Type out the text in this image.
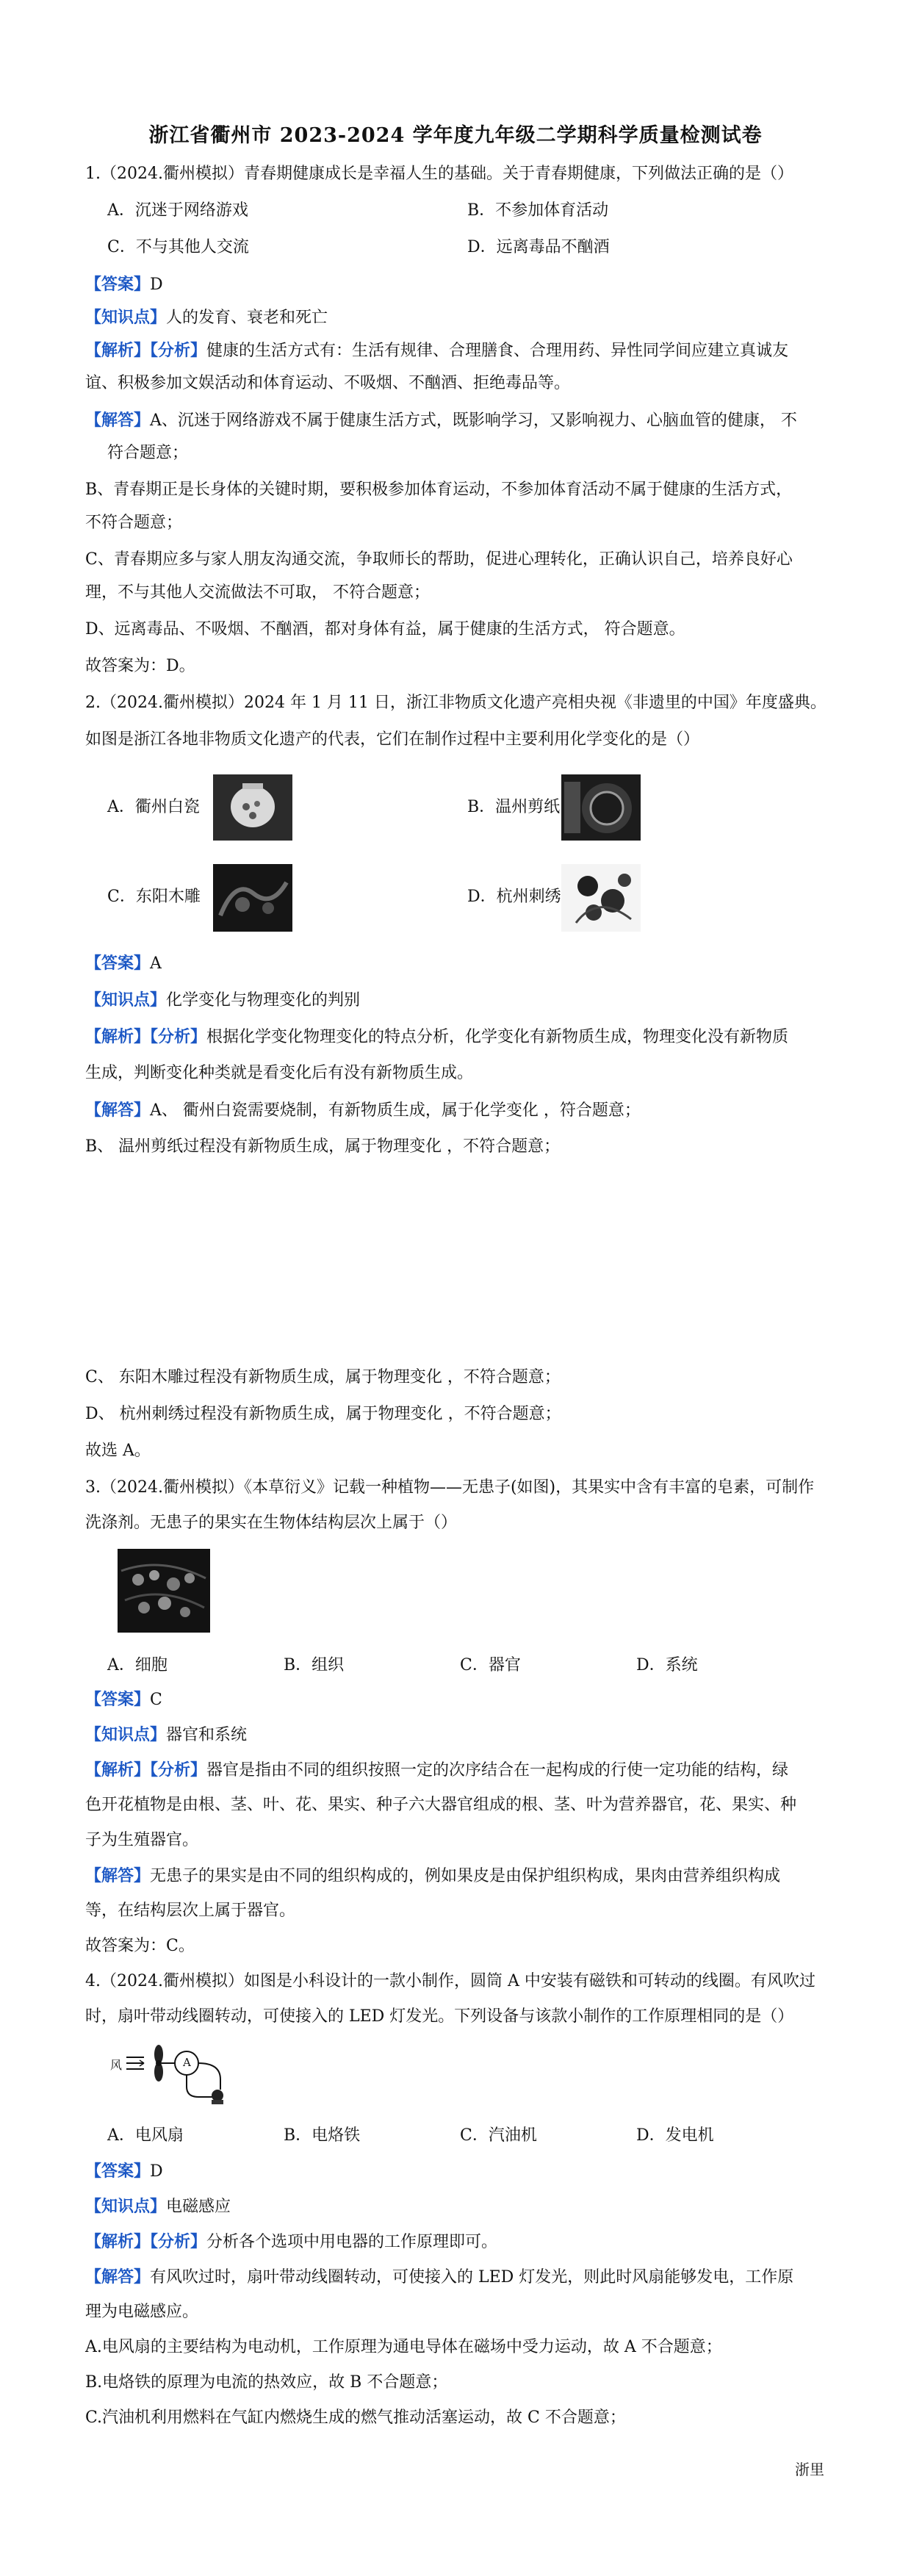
浙江省衢州市 2023-2024 学年度九年级二学期科学质量检测试卷
1.（2024.衢州模拟）青春期健康成长是幸福人生的基础。关于青春期健康，下列做法正确的是（）
A．沉迷于网络游戏	B．不参加体育活动
C．不与其他人交流	D．远离毒品不酗酒
【答案】D
【知识点】人的发育、衰老和死亡
【解析】【分析】健康的生活方式有：生活有规律、合理膳食、合理用药、异性同学间应建立真诚友
谊、积极参加文娱活动和体育运动、不吸烟、不酗酒、拒绝毒品等。
【解答】A、沉迷于网络游戏不属于健康生活方式，既影响学习，又影响视力、心脑血管的健康， 不
符合题意；
B、青春期正是长身体的关键时期，要积极参加体育运动，不参加体育活动不属于健康的生活方式，
不符合题意；
C、青春期应多与家人朋友沟通交流，争取师长的帮助，促进心理转化，正确认识自己，培养良好心
理，不与其他人交流做法不可取， 不符合题意；
D、远离毒品、不吸烟、不酗酒，都对身体有益，属于健康的生活方式， 符合题意。
故答案为：D。
2.（2024.衢州模拟）2024 年 1 月 11 日，浙江非物质文化遗产亮相央视《非遗里的中国》年度盛典。
如图是浙江各地非物质文化遗产的代表，它们在制作过程中主要利用化学变化的是（）
A．衢州白瓷	B．温州剪纸
C．东阳木雕	D．杭州刺绣
【答案】A
【知识点】化学变化与物理变化的判别
【解析】【分析】根据化学变化物理变化的特点分析，化学变化有新物质生成，物理变化没有新物质
生成，判断变化种类就是看变化后有没有新物质生成。
【解答】A、 衢州白瓷需要烧制，有新物质生成，属于化学变化 ，符合题意；
B、 温州剪纸过程没有新物质生成，属于物理变化 ，不符合题意；
C、 东阳木雕过程没有新物质生成，属于物理变化 ，不符合题意；
D、 杭州刺绣过程没有新物质生成，属于物理变化 ，不符合题意；
故选 A。
3.（2024.衢州模拟）《本草衍义》记载一种植物——无患子(如图)，其果实中含有丰富的皂素，可制作
洗涤剂。无患子的果实在生物体结构层次上属于（）
A．细胞	B．组织	C．器官	D．系统
【答案】C
【知识点】器官和系统
【解析】【分析】器官是指由不同的组织按照一定的次序结合在一起构成的行使一定功能的结构，绿
色开花植物是由根、茎、叶、花、果实、种子六大器官组成的根、茎、叶为营养器官，花、果实、种
子为生殖器官。
【解答】无患子的果实是由不同的组织构成的，例如果皮是由保护组织构成，果肉由营养组织构成
等，在结构层次上属于器官。
故答案为：C。
4.（2024.衢州模拟）如图是小科设计的一款小制作，圆筒 A 中安装有磁铁和可转动的线圈。有风吹过
时，扇叶带动线圈转动，可使接入的 LED 灯发光。下列设备与该款小制作的工作原理相同的是（）
风	A
A．电风扇	B．电烙铁	C．汽油机	D．发电机
【答案】D
【知识点】电磁感应
【解析】【分析】分析各个选项中用电器的工作原理即可。
【解答】有风吹过时，扇叶带动线圈转动，可使接入的 LED 灯发光，则此时风扇能够发电，工作原
理为电磁感应。
A.电风扇的主要结构为电动机，工作原理为通电导体在磁场中受力运动，故 A 不合题意；
B.电烙铁的原理为电流的热效应，故 B 不合题意；
C.汽油机利用燃料在气缸内燃烧生成的燃气推动活塞运动，故 C 不合题意；
浙里
